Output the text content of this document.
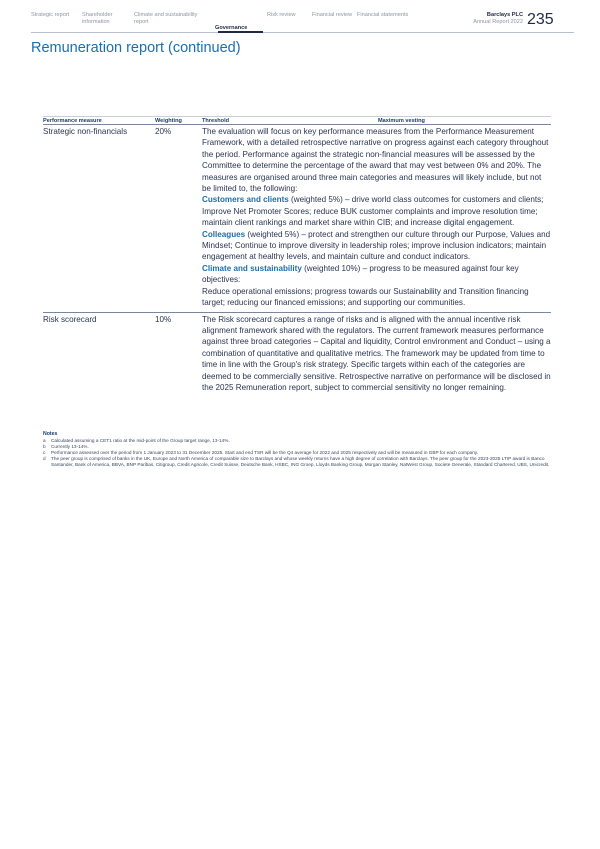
Strategic report	Shareholder information
Climate and sustainability report
Governance
Risk review	Financial review Financial statements	Barclays PLC
Annual Report 2022 235
Remuneration report (continued)
Performance measure	Weighting	Threshold	Maximum vesting
Strategic non-financials	20%	The evaluation will focus on key performance measures from the Performance Measurement Framework, with a detailed retrospective narrative on progress against each category throughout the period. Performance against the strategic non-financial measures will be assessed by the Committee to determine the percentage of the award that may vest between 0% and 20%. The measures are organised around three main categories and measures will likely include, but not be limited to, the following:

Customers and clients (weighted 5%) – drive world class outcomes for customers and clients; Improve Net Promoter Scores; reduce BUK customer complaints and improve resolution time; maintain client rankings and market share within CIB; and increase digital engagement.

Colleagues (weighted 5%) – protect and strengthen our culture through our Purpose, Values and Mindset; Continue to improve diversity in leadership roles; improve inclusion indicators; maintain engagement at healthy levels, and maintain culture and conduct indicators.

Climate and sustainability (weighted 10%) – progress to be measured against four key objectives:

Reduce operational emissions; progress towards our Sustainability and Transition financing target; reducing our financed emissions; and supporting our communities.

Risk scorecard	10%	The Risk scorecard captures a range of risks and is aligned with the annual incentive risk alignment framework shared with the regulators. The current framework measures performance against three broad categories – Capital and liquidity, Control environment and Conduct – using a combination of quantitative and qualitative metrics. The framework may be updated from time to time in line with the Group's risk strategy. Specific targets within each of the categories are deemed to be commercially sensitive. Retrospective narrative on performance will be disclosed in the 2025 Remuneration report, subject to commercial sensitivity no longer remaining.

Notes
a	Calculated assuming a CET1 ratio at the mid-point of the Group target range, 13-14%.
b	Currently 13-14%.
c	Performance assessed over the period from 1 January 2023 to 31 December 2025. Start and end TSR will be the Q4 average for 2022 and 2025 respectively and will be measured in GBP for each company.
d	The peer group is comprised of banks in the UK, Europe and North America of comparable size to Barclays and whose weekly returns have a high degree of correlation with Barclays. The peer group for the 2023-2025 LTIP award is Banco Santander, Bank of America, BBVA, BNP Paribas, Citigroup, Credit Agricole, Credit Suisse, Deutsche Bank, HSBC, ING Groep, Lloyds Banking Group, Morgan Stanley, NatWest Group, Societe Generale, Standard Chartered, UBS, Unicredit.
